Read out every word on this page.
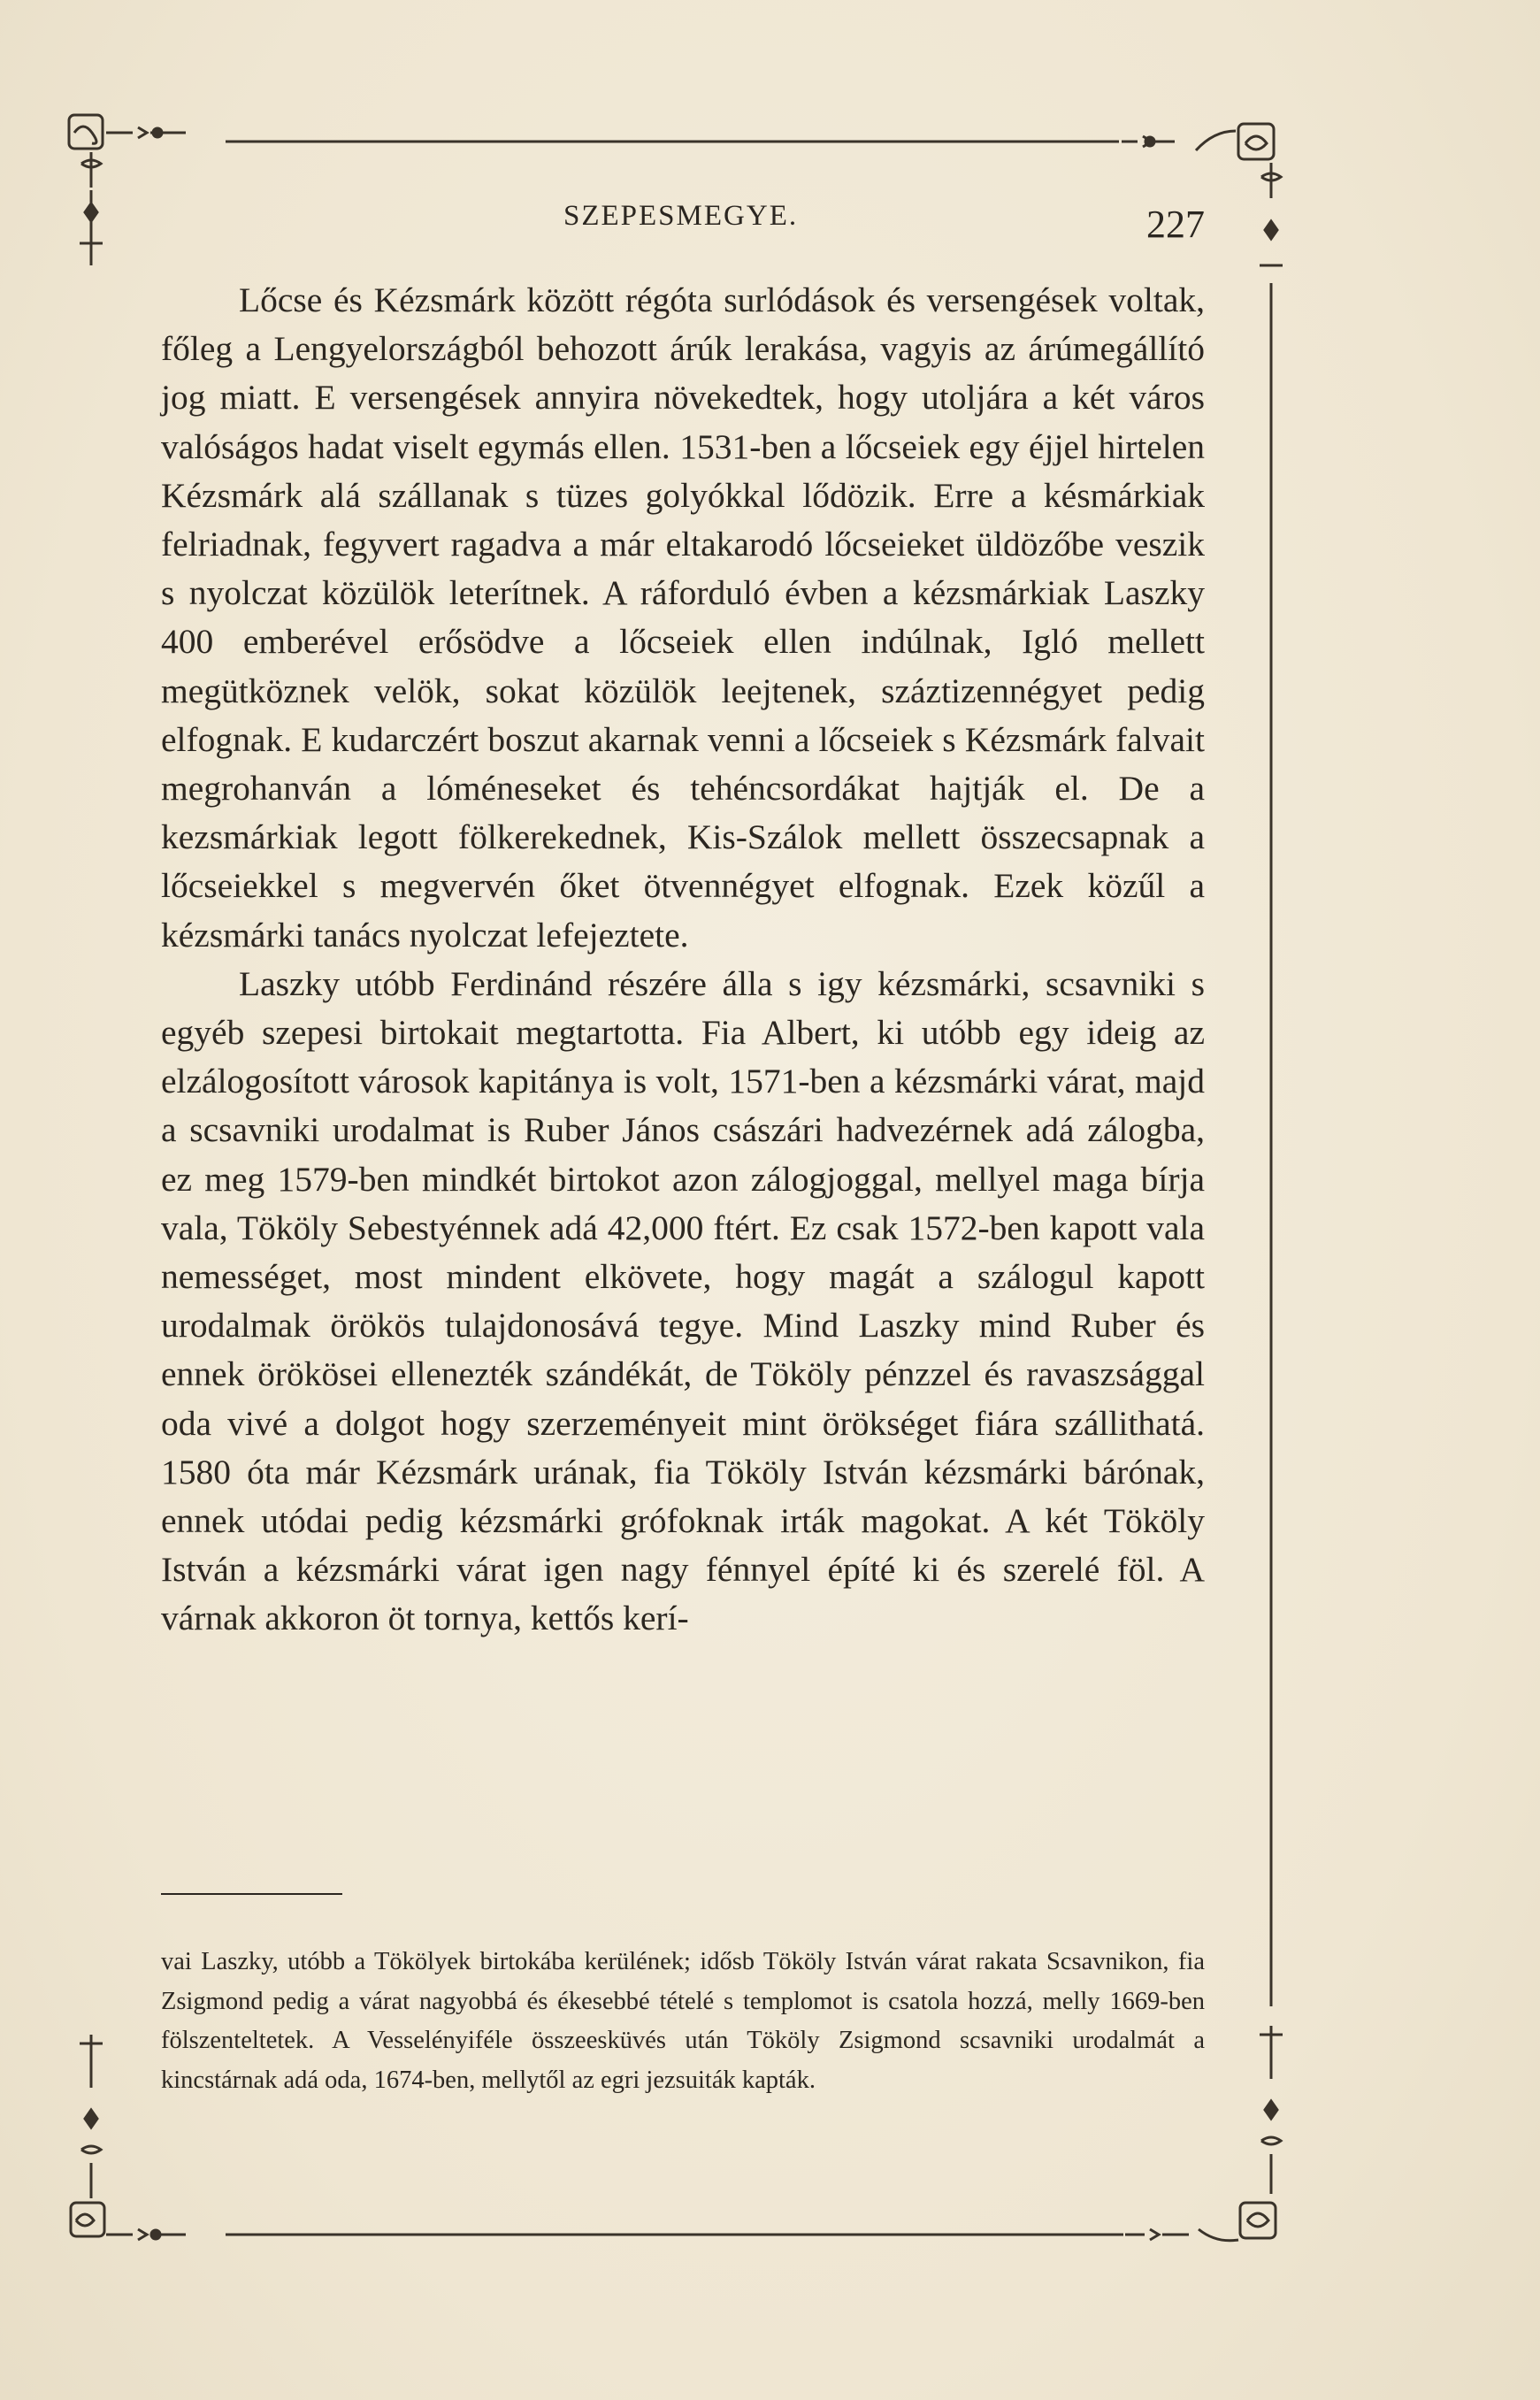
SZEPESMEGYE.	227

Lőcse és Kézsmárk között régóta surlódások és versengések voltak, főleg a Lengyelországból behozott árúk lerakása, vagyis az árúmegállító jog miatt. E versengések annyira növekedtek, hogy utoljára a két város valóságos hadat viselt egymás ellen. 1531-ben a lőcseiek egy éjjel hirtelen Kézsmárk alá szállanak s tüzes golyókkal lődözik. Erre a késmárkiak felriadnak, fegyvert ragadva a már eltakarodó lőcseieket üldözőbe veszik s nyolczat közülök leterítnek. A ráforduló évben a kézsmárkiak Laszky 400 emberével erősödve a lőcseiek ellen indúlnak, Igló mellett megütköznek velök, sokat közülök leejtenek, száztizennégyet pedig elfognak. E kudarczért boszut akarnak venni a lőcseiek s Kézsmárk falvait megrohanván a lóméneseket és tehéncsordákat hajtják el. De a kezsmárkiak legott fölkerekednek, Kis-Szálok mellett összecsapnak a lőcseiekkel s megvervén őket ötvennégyet elfognak. Ezek közűl a kézsmárki tanács nyolczat lefejeztete.

Laszky utóbb Ferdinánd részére álla s igy kézsmárki, scsavniki s egyéb szepesi birtokait megtartotta. Fia Albert, ki utóbb egy ideig az elzálogosított városok kapitánya is volt, 1571-ben a kézsmárki várat, majd a scsavniki urodalmat is Ruber János császári hadvezérnek adá zálogba, ez meg 1579-ben mindkét birtokot azon zálogjoggal, mellyel maga bírja vala, Tököly Sebestyénnek adá 42,000 ftért. Ez csak 1572-ben kapott vala nemességet, most mindent elkövete, hogy magát a szálogul kapott urodalmak örökös tulajdonosává tegye. Mind Laszky mind Ruber és ennek örökösei ellenezték szándékát, de Tököly pénzzel és ravaszsággal oda vivé a dolgot hogy szerzeményeit mint örökséget fiára szállithatá. 1580 óta már Kézsmárk urának, fia Tököly István kézsmárki bárónak, ennek utódai pedig kézsmárki grófoknak irták magokat. A két Tököly István a kézsmárki várat igen nagy fénnyel építé ki és szerelé föl. A várnak akkoron öt tornya, kettős kerí-

vai Laszky, utóbb a Tökölyek birtokába kerülének; idősb Tököly István várat rakata Scsavnikon, fia Zsigmond pedig a várat nagyobbá és ékesebbé tételé s templomot is csatola hozzá, melly 1669-ben fölszenteltetek. A Vesselényiféle összeesküvés után Tököly Zsigmond scsavniki urodalmát a kincstárnak adá oda, 1674-ben, mellytől az egri jezsuiták kapták.
